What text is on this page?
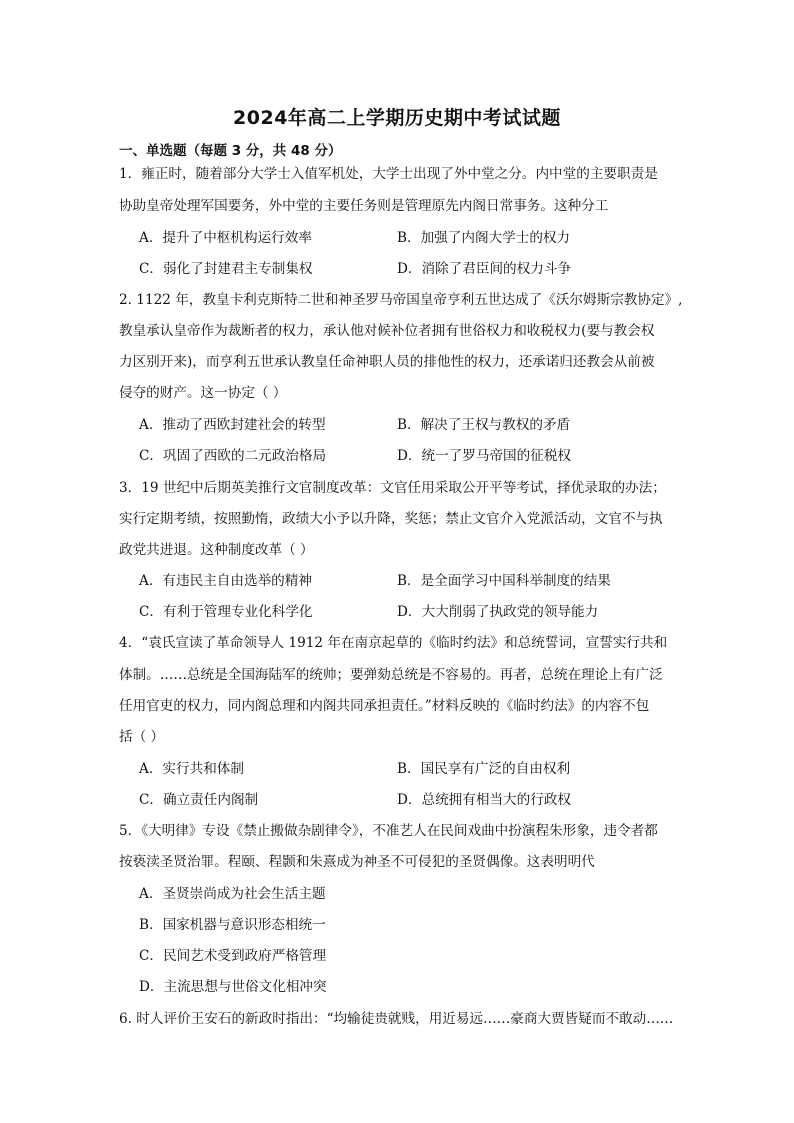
2024年高二上学期历史期中考试试题
一、单选题（每题 3 分，共 48 分）
1．雍正时，随着部分大学士入值军机处，大学士出现了外中堂之分。内中堂的主要职责是
协助皇帝处理军国要务，外中堂的主要任务则是管理原先内阁日常事务。这种分工
A．提升了中枢机构运行效率	B．加强了内阁大学士的权力
C．弱化了封建君主专制集权	D．消除了君臣间的权力斗争
2. 1122 年，教皇卡利克斯特二世和神圣罗马帝国皇帝亨利五世达成了《沃尔姆斯宗教协定》,
教皇承认皇帝作为裁断者的权力，承认他对候补位者拥有世俗权力和收税权力(要与教会权
力区别开来)，而亨利五世承认教皇任命神职人员的排他性的权力，还承诺归还教会从前被
侵夺的财产。这一协定（ ）
A．推动了西欧封建社会的转型	B．解决了王权与教权的矛盾
C．巩固了西欧的二元政治格局	D．统一了罗马帝国的征税权
3．19 世纪中后期英美推行文官制度改革：文官任用采取公开平等考试，择优录取的办法；
实行定期考绩，按照勤惰，政绩大小予以升降，奖惩；禁止文官介入党派活动，文官不与执
政党共进退。这种制度改革（ ）
A．有违民主自由选举的精神	B．是全面学习中国科举制度的结果
C．有利于管理专业化科学化	D．大大削弱了执政党的领导能力
4．“袁氏宣读了革命领导人 1912 年在南京起草的《临时约法》和总统誓词，宣誓实行共和
体制。……总统是全国海陆军的统帅；要弹劾总统是不容易的。再者，总统在理论上有广泛
任用官吏的权力，同内阁总理和内阁共同承担责任。”材料反映的《临时约法》的内容不包
括（ ）
A．实行共和体制	B．国民享有广泛的自由权利
C．确立责任内阁制	D．总统拥有相当大的行政权
5．《大明律》专设《禁止搬做杂剧律令》，不准艺人在民间戏曲中扮演程朱形象，违令者都
按亵渎圣贤治罪。程颐、程颢和朱熹成为神圣不可侵犯的圣贤偶像。这表明明代
A．圣贤崇尚成为社会生活主题
B．国家机器与意识形态相统一
C．民间艺术受到政府严格管理
D．主流思想与世俗文化相冲突
6. 时人评价王安石的新政时指出：“均输徒贵就贱，用近易远……豪商大贾皆疑而不敢动……
